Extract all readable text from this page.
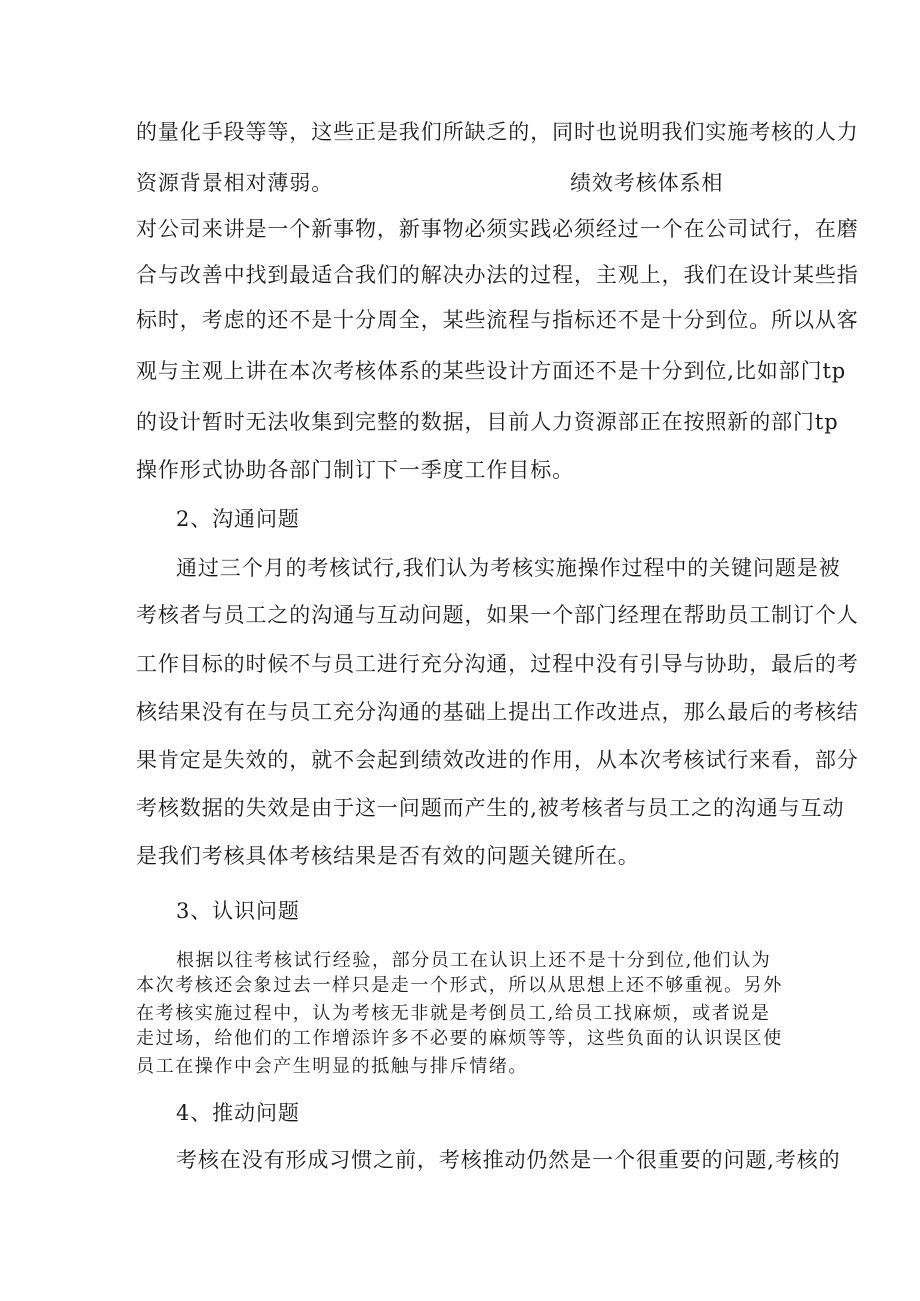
的量化手段等等，这些正是我们所缺乏的，同时也说明我们实施考核的人力
资源背景相对薄弱。	绩效考核体系相
对公司来讲是一个新事物，新事物必须实践必须经过一个在公司试行，在磨
合与改善中找到最适合我们的解决办法的过程，主观上，我们在设计某些指
标时，考虑的还不是十分周全，某些流程与指标还不是十分到位。所以从客
观与主观上讲在本次考核体系的某些设计方面还不是十分到位,比如部门tp
的设计暂时无法收集到完整的数据，目前人力资源部正在按照新的部门tp
操作形式协助各部门制订下一季度工作目标。
2、沟通问题
通过三个月的考核试行,我们认为考核实施操作过程中的关键问题是被
考核者与员工之的沟通与互动问题，如果一个部门经理在帮助员工制订个人
工作目标的时候不与员工进行充分沟通，过程中没有引导与协助，最后的考
核结果没有在与员工充分沟通的基础上提出工作改进点，那么最后的考核结
果肯定是失效的，就不会起到绩效改进的作用，从本次考核试行来看，部分
考核数据的失效是由于这一问题而产生的,被考核者与员工之的沟通与互动
是我们考核具体考核结果是否有效的问题关键所在。
3、认识问题
根据以往考核试行经验，部分员工在认识上还不是十分到位,他们认为
本次考核还会象过去一样只是走一个形式，所以从思想上还不够重视。另外
在考核实施过程中，认为考核无非就是考倒员工,给员工找麻烦，或者说是
走过场，给他们的工作增添许多不必要的麻烦等等，这些负面的认识误区使
员工在操作中会产生明显的抵触与排斥情绪。
4、推动问题
考核在没有形成习惯之前，考核推动仍然是一个很重要的问题,考核的
